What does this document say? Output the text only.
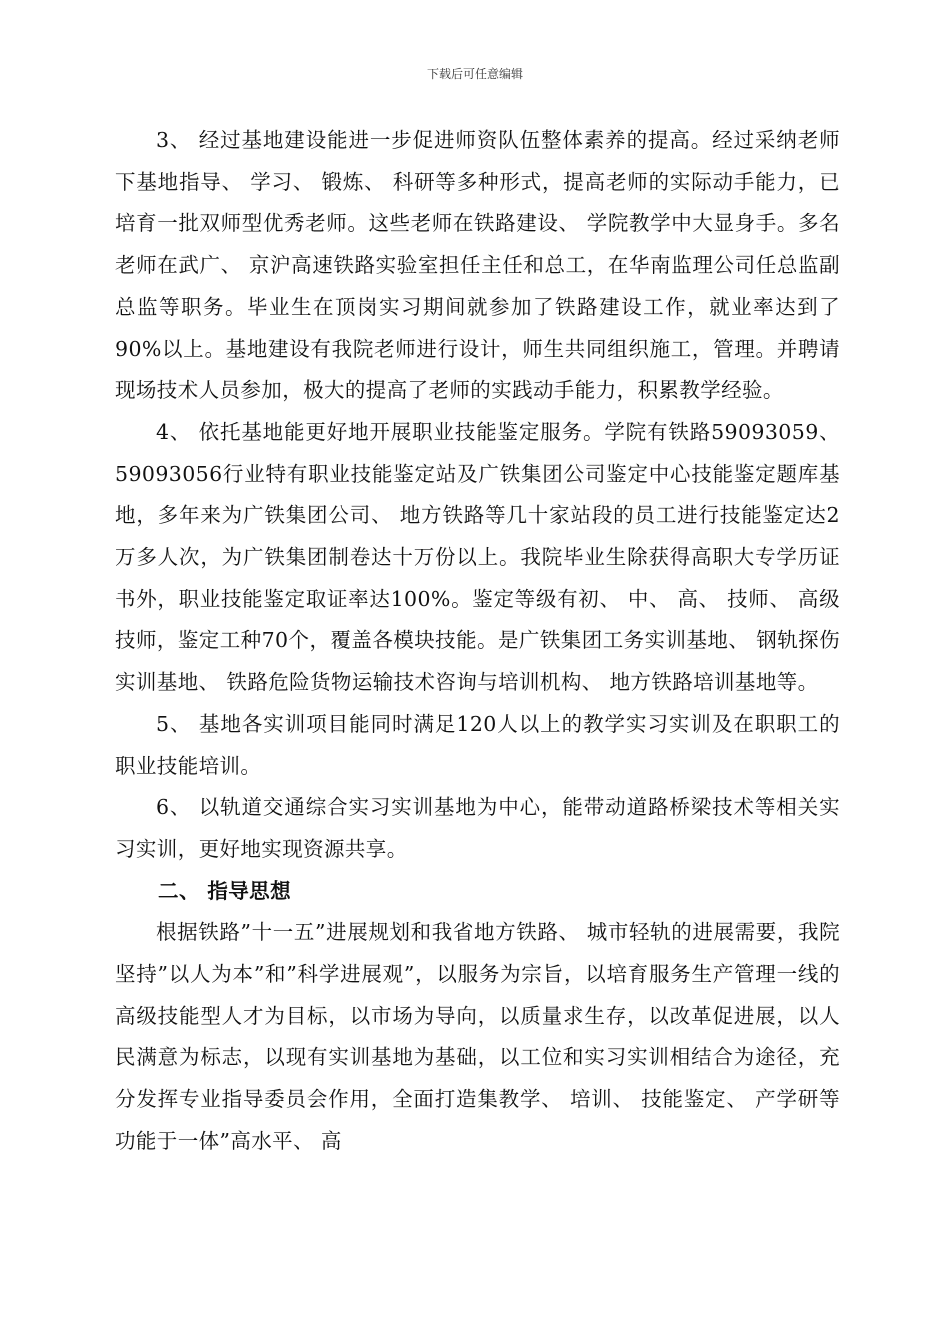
下载后可任意编辑

3、 经过基地建设能进一步促进师资队伍整体素养的提高。经过采纳老师下基地指导、 学习、 锻炼、 科研等多种形式，提高老师的实际动手能力，已培育一批双师型优秀老师。这些老师在铁路建设、 学院教学中大显身手。多名老师在武广、 京沪高速铁路实验室担任主任和总工，在华南监理公司任总监副总监等职务。毕业生在顶岗实习期间就参加了铁路建设工作，就业率达到了90%以上。基地建设有我院老师进行设计，师生共同组织施工，管理。并聘请现场技术人员参加，极大的提高了老师的实践动手能力，积累教学经验。

4、 依托基地能更好地开展职业技能鉴定服务。学院有铁路59093059、 59093056行业特有职业技能鉴定站及广铁集团公司鉴定中心技能鉴定题库基地，多年来为广铁集团公司、 地方铁路等几十家站段的员工进行技能鉴定达2万多人次，为广铁集团制卷达十万份以上。我院毕业生除获得高职大专学历证书外，职业技能鉴定取证率达100%。鉴定等级有初、 中、 高、 技师、 高级技师，鉴定工种70个，覆盖各模块技能。是广铁集团工务实训基地、 钢轨探伤实训基地、 铁路危险货物运输技术咨询与培训机构、 地方铁路培训基地等。

5、 基地各实训项目能同时满足120人以上的教学实习实训及在职职工的职业技能培训。

6、 以轨道交通综合实习实训基地为中心，能带动道路桥梁技术等相关实习实训，更好地实现资源共享。

二、 指导思想

根据铁路”十一五”进展规划和我省地方铁路、 城市轻轨的进展需要，我院坚持”以人为本”和”科学进展观”，以服务为宗旨，以培育服务生产管理一线的高级技能型人才为目标，以市场为导向，以质量求生存，以改革促进展，以人民满意为标志，以现有实训基地为基础，以工位和实习实训相结合为途径，充分发挥专业指导委员会作用，全面打造集教学、 培训、 技能鉴定、 产学研等功能于一体”高水平、 高
